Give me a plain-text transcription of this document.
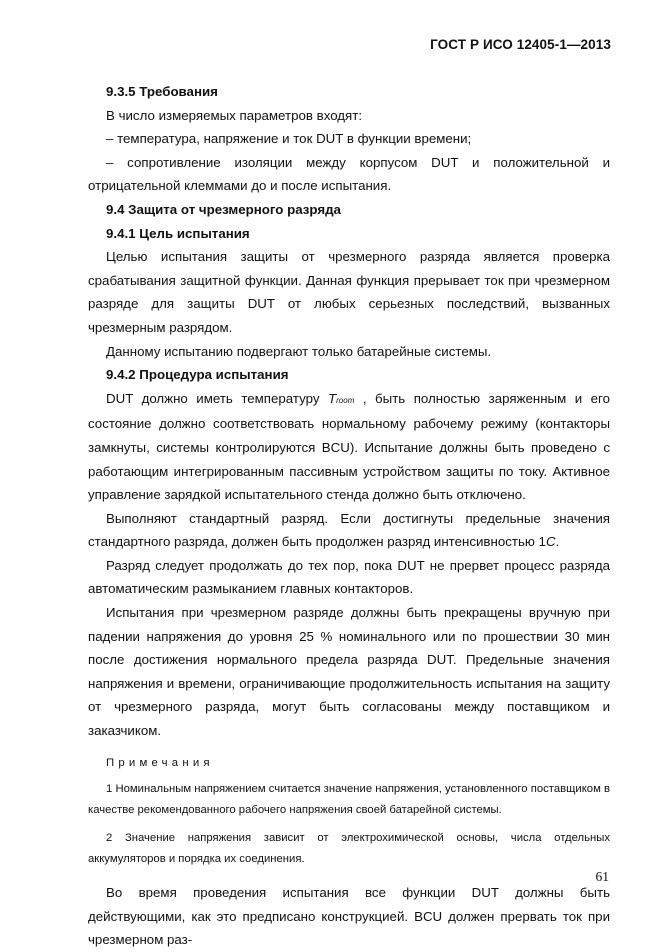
ГОСТ Р ИСО 12405-1—2013

9.3.5 Требования

В число измеряемых параметров входят:

– температура, напряжение и ток DUT в функции времени;

– сопротивление изоляции между корпусом DUT и положительной и отрицательной клеммами до и после испытания.

9.4 Защита от чрезмерного разряда

9.4.1 Цель испытания

Целью испытания защиты от чрезмерного разряда является проверка срабатывания защитной функции. Данная функция прерывает ток при чрезмерном разряде для защиты DUT от любых серьезных последствий, вызванных чрезмерным разрядом.

Данному испытанию подвергают только батарейные системы.

9.4.2 Процедура испытания

DUT должно иметь температуру Troom , быть полностью заряженным и его состояние должно соответствовать нормальному рабочему режиму (контакторы замкнуты, системы контролируются BCU). Испытание должны быть проведено с работающим интегрированным пассивным устройством защиты по току. Активное управление зарядкой испытательного стенда должно быть отключено.

Выполняют стандартный разряд. Если достигнуты предельные значения стандартного разряда, должен быть продолжен разряд интенсивностью 1C.

Разряд следует продолжать до тех пор, пока DUT не прервет процесс разряда автоматическим размыканием главных контакторов.

Испытания при чрезмерном разряде должны быть прекращены вручную при падении напряжения до уровня 25 % номинального или по прошествии 30 мин после достижения нормального предела разряда DUT. Предельные значения напряжения и времени, ограничивающие продолжительность испытания на защиту от чрезмерного разряда, могут быть согласованы между поставщиком и заказчиком.

Примечания

1 Номинальным напряжением считается значение напряжения, установленного поставщиком в качестве рекомендованного рабочего напряжения своей батарейной системы.

2 Значение напряжения зависит от электрохимической основы, числа отдельных аккумуляторов и порядка их соединения.

Во время проведения испытания все функции DUT должны быть действующими, как это предписано конструкцией. BCU должен прервать ток при чрезмерном раз-

61
